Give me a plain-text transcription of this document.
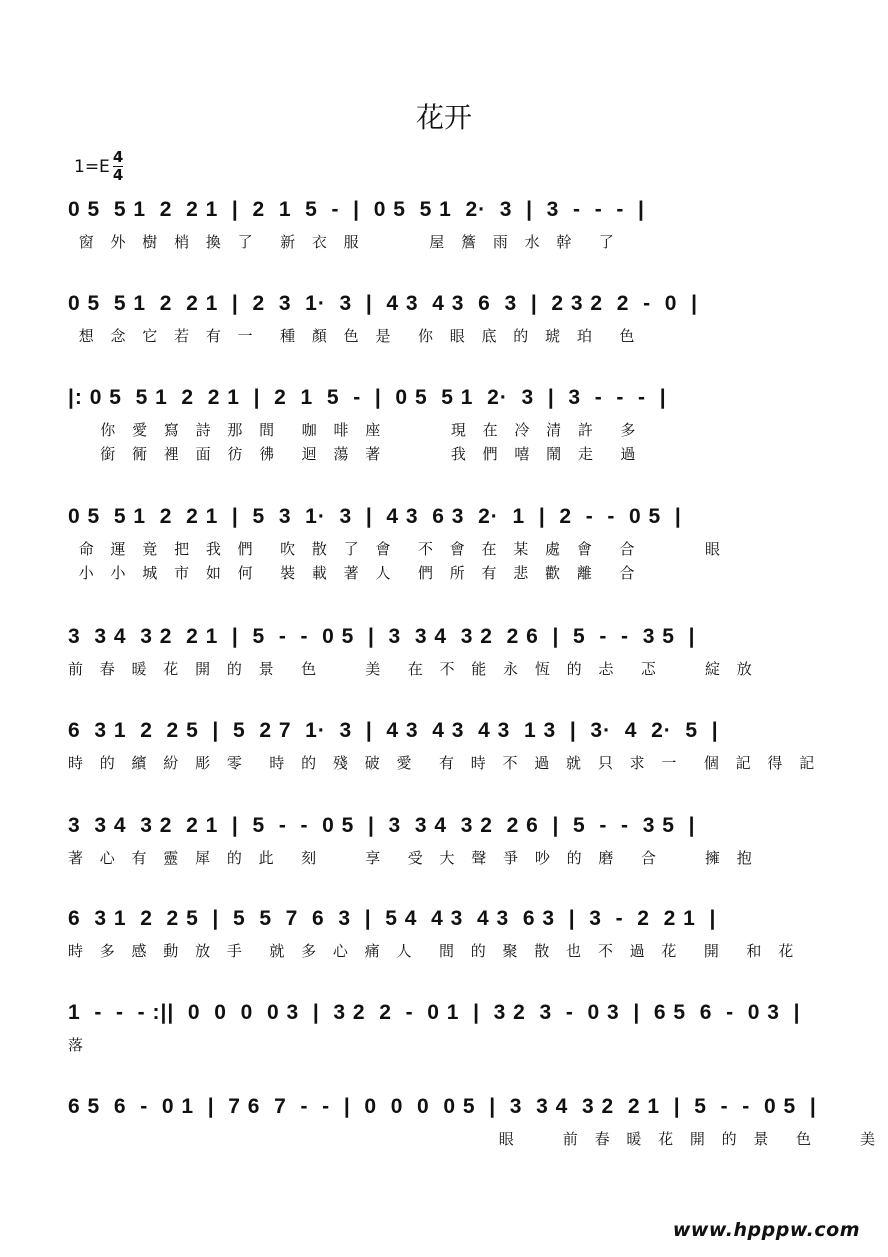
花开
$1=E \frac{4}{4}$
0 5  5 1  2  2 1  |  2  1  5  -  |  0 5  5 1  2·  3  |  3  -  -  -  |
窗 外 樹 梢 換 了  新 衣 服      屋 簷 雨 水 幹  了
0 5  5 1  2  2 1  |  2  3  1·  3  |  4 3  4 3  6  3  |  2 3 2  2  -  0  |
想 念 它 若 有 一  種 顏 色 是  你 眼 底 的 琥 珀  色
|: 0 5  5 1  2  2 1  |  2  1  5  -  |  0 5  5 1  2·  3  |  3  -  -  -  |
你 愛 寫 詩 那 間  咖 啡 座      現 在 冷 清 許  多
銜 衕 裡 面 彷 彿  迴 蕩 著      我 們 嘻 鬧 走  過
0 5  5 1  2  2 1  |  5  3  1·  3  |  4 3  6 3  2·  1  |  2  -  -  0 5  |
命 運 竟 把 我 們  吹 散 了 會  不 會 在 某 處 會  合      眼
小 小 城 市 如 何  裝 載 著 人  們 所 有 悲 歡 離  合
3  3 4  3 2  2 1  |  5  -  -  0 5  |  3  3 4  3 2  2 6  |  5  -  -  3 5  |
前 春 暖 花 開 的 景  色    美  在 不 能 永 恆 的 忐  忑    綻 放
6  3 1  2  2 5  |  5  2 7  1·  3  |  4 3  4 3  4 3  1 3  |  3·  4  2·  5  |
時 的 繽 紛 彫 零  時 的 殘 破 愛  有 時 不 過 就 只 求 一  個 記 得 記
3  3 4  3 2  2 1  |  5  -  -  0 5  |  3  3 4  3 2  2 6  |  5  -  -  3 5  |
著 心 有 靈 犀 的 此  刻    享  受 大 聲 爭 吵 的 磨  合    擁 抱
6  3 1  2  2 5  |  5  5  7  6  3  |  5 4  4 3  4 3  6 3  |  3  -  2  2 1  |
時 多 感 動 放 手  就 多 心 痛 人  間 的 聚 散 也 不 過 花  開  和 花
1  -  -  - :||  0  0  0  0 3  |  3 2  2  -  0 1  |  3 2  3  -  0 3  |  6 5  6  -  0 3  |
落
6 5  6  -  0 1  |  7 6  7  -  -  |  0  0  0  0 5  |  3  3 4  3 2  2 1  |  5  -  -  0 5  |
眼    前 春 暖 花 開 的 景  色    美
www.hpppw.com
